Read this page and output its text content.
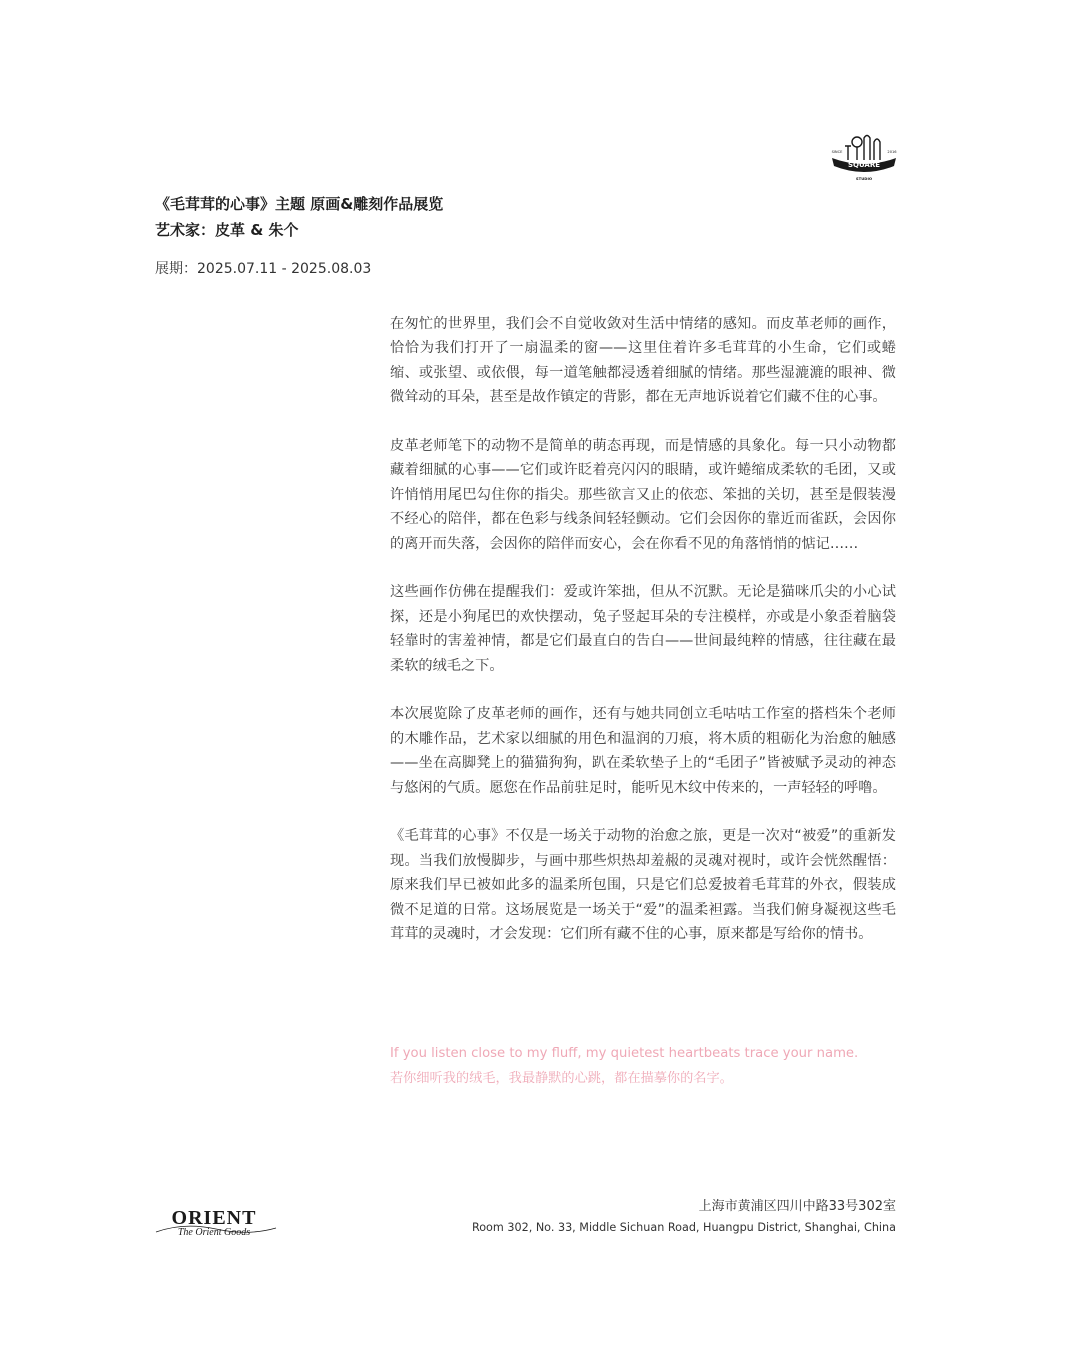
SQUARE
SINCE	2016
STUDIO
《毛茸茸的心事》主题 原画&雕刻作品展览
艺术家：皮革 & 朱个
展期：2025.07.11 - 2025.08.03

在匆忙的世界里，我们会不自觉收敛对生活中情绪的感知。而皮革老师的画作，恰恰为我们打开了一扇温柔的窗——这里住着许多毛茸茸的小生命，它们或蜷缩、或张望、或依偎，每一道笔触都浸透着细腻的情绪。那些湿漉漉的眼神、微微耸动的耳朵，甚至是故作镇定的背影，都在无声地诉说着它们藏不住的心事。

皮革老师笔下的动物不是简单的萌态再现，而是情感的具象化。每一只小动物都藏着细腻的心事——它们或许眨着亮闪闪的眼睛，或许蜷缩成柔软的毛团，又或许悄悄用尾巴勾住你的指尖。那些欲言又止的依恋、笨拙的关切，甚至是假装漫不经心的陪伴，都在色彩与线条间轻轻颤动。它们会因你的靠近而雀跃，会因你的离开而失落，会因你的陪伴而安心，会在你看不见的角落悄悄的惦记……

这些画作仿佛在提醒我们：爱或许笨拙，但从不沉默。无论是猫咪爪尖的小心试探，还是小狗尾巴的欢快摆动，兔子竖起耳朵的专注模样，亦或是小象歪着脑袋轻靠时的害羞神情，都是它们最直白的告白——世间最纯粹的情感，往往藏在最柔软的绒毛之下。

本次展览除了皮革老师的画作，还有与她共同创立毛咕咕工作室的搭档朱个老师的木雕作品，艺术家以细腻的用色和温润的刀痕，将木质的粗砺化为治愈的触感——坐在高脚凳上的猫猫狗狗，趴在柔软垫子上的“毛团子”皆被赋予灵动的神态与悠闲的气质。愿您在作品前驻足时，能听见木纹中传来的，一声轻轻的呼噜。

《毛茸茸的心事》不仅是一场关于动物的治愈之旅，更是一次对“被爱”的重新发现。当我们放慢脚步，与画中那些炽热却羞赧的灵魂对视时，或许会恍然醒悟：原来我们早已被如此多的温柔所包围，只是它们总爱披着毛茸茸的外衣，假装成微不足道的日常。这场展览是一场关于“爱”的温柔袒露。当我们俯身凝视这些毛茸茸的灵魂时，才会发现：它们所有藏不住的心事，原来都是写给你的情书。

If you listen close to my fluff, my quietest heartbeats trace your name.
若你细听我的绒毛，我最静默的心跳，都在描摹你的名字。
ORIENT
The Orient Goods
上海市黄浦区四川中路33号302室
Room 302, No. 33, Middle Sichuan Road, Huangpu District, Shanghai, China
